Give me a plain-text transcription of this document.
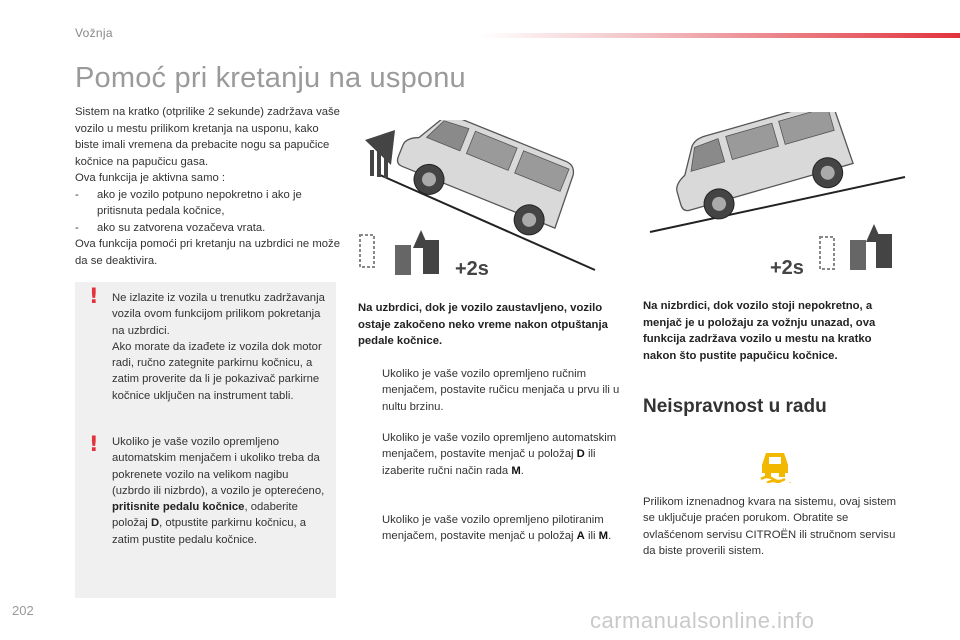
Vožnja
Pomoć pri kretanju na usponu

Sistem na kratko (otprilike 2 sekunde) zadržava vaše vozilo u mestu prilikom kretanja na usponu, kako biste imali vremena da prebacite nogu sa papučice kočnice na papučicu gasa.

Ova funkcija je aktivna samo :

-	ako je vozilo potpuno nepokretno i ako je pritisnuta pedala kočnice,
-	ako su zatvorena vozačeva vrata.

Ova funkcija pomoći pri kretanju na uzbrdici ne može da se deaktivira.

! Ne izlazite iz vozila u trenutku zadržavanja vozila ovom funkcijom prilikom pokretanja na uzbrdici.
Ako morate da izađete iz vozila dok motor radi, ručno zategnite parkirnu kočnicu, a zatim proverite da li je pokazivač parkirne kočnice uključen na instrument tabli.
! Ukoliko je vaše vozilo opremljeno automatskim menjačem i ukoliko treba da pokrenete vozilo na velikom nagibu (uzbrdo ili nizbrdo), a vozilo je opterećeno, pritisnite pedalu kočnice, odaberite položaj D, otpustite parkirnu kočnicu, a zatim pustite pedalu kočnice.
+2s	+2s
Na uzbrdici, dok je vozilo zaustavljeno, vozilo ostaje zakočeno neko vreme nakon otpuštanja pedale kočnice.
Ukoliko je vaše vozilo opremljeno ručnim menjačem, postavite ručicu menjača u prvu ili u nultu brzinu.
Ukoliko je vaše vozilo opremljeno automatskim menjačem, postavite menjač u položaj D ili izaberite ručni način rada M.
Ukoliko je vaše vozilo opremljeno pilotiranim menjačem, postavite menjač u položaj A ili M.
Na nizbrdici, dok vozilo stoji nepokretno, a menjač je u položaju za vožnju unazad, ova funkcija zadržava vozilo u mestu na kratko nakon što pustite papučicu kočnice.
Neispravnost u radu
Prilikom iznenadnog kvara na sistemu, ovaj sistem se uključuje praćen porukom. Obratite se ovlašćenom servisu CITROËN ili stručnom servisu da biste proverili sistem.
202	carmanualsonline.info
